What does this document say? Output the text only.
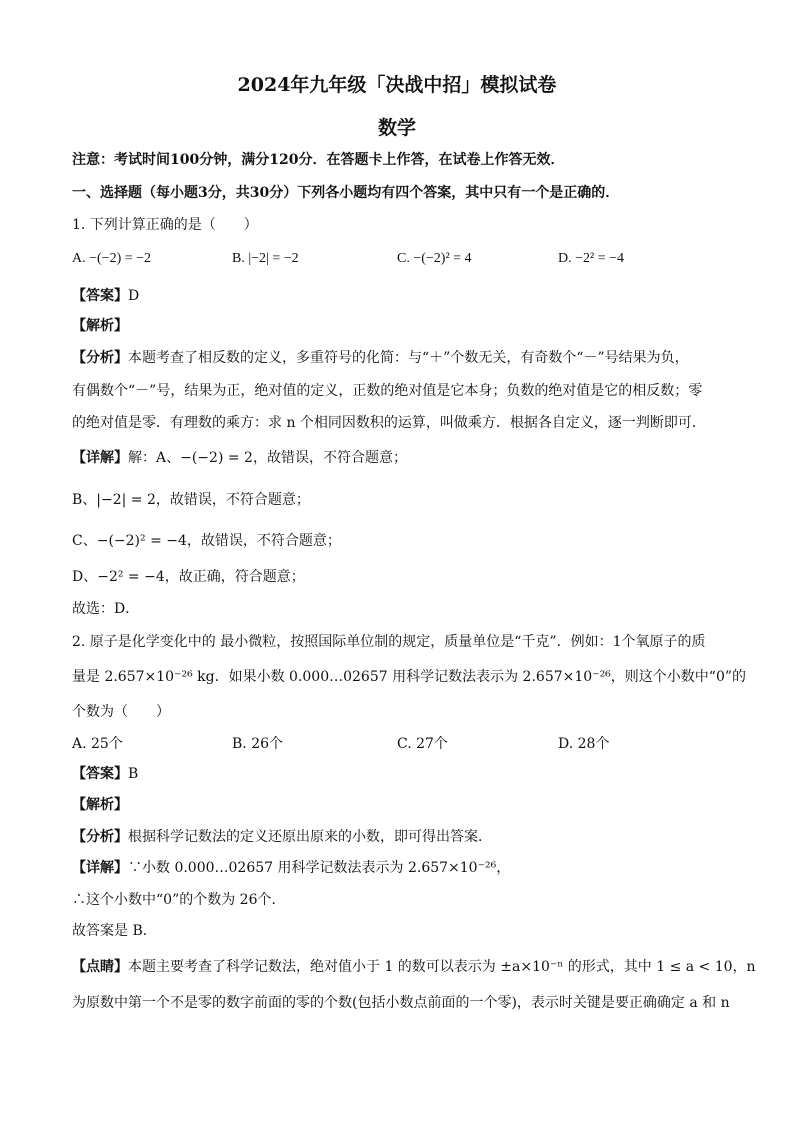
2024年九年级「决战中招」模拟试卷
数学
注意：考试时间100分钟，满分120分．在答题卡上作答，在试卷上作答无效．
一、选择题（每小题3分，共30分）下列各小题均有四个答案，其中只有一个是正确的．
1. 下列计算正确的是（　　）
A. −(−2) = −2	B. |−2| = −2	C. −(−2)² = 4	D. −2² = −4
【答案】D
【解析】
【分析】本题考查了相反数的定义，多重符号的化简：与“＋”个数无关，有奇数个“－”号结果为负，
有偶数个“－”号，结果为正，绝对值的定义，正数的绝对值是它本身；负数的绝对值是它的相反数；零
的绝对值是零．有理数的乘方：求 n 个相同因数积的运算，叫做乘方．根据各自定义，逐一判断即可．
【详解】解：A、−(−2) = 2，故错误，不符合题意；
B、|−2| = 2，故错误，不符合题意；
C、−(−2)² = −4，故错误，不符合题意；
D、−2² = −4，故正确，符合题意；
故选：D．
2. 原子是化学变化中的 最小微粒，按照国际单位制的规定，质量单位是“千克”．例如：1个氧原子的质
量是 2.657×10⁻²⁶ kg．如果小数 0.000…02657 用科学记数法表示为 2.657×10⁻²⁶，则这个小数中“0”的
个数为（　　）
A. 25个	B. 26个	C. 27个	D. 28个
【答案】B
【解析】
【分析】根据科学记数法的定义还原出原来的小数，即可得出答案．
【详解】∵小数 0.000…02657 用科学记数法表示为 2.657×10⁻²⁶，
∴这个小数中“0”的个数为 26个．
故答案是 B．
【点睛】本题主要考查了科学记数法，绝对值小于 1 的数可以表示为 ±a×10⁻ⁿ 的形式，其中 1 ≤ a < 10，n
为原数中第一个不是零的数字前面的零的个数(包括小数点前面的一个零)，表示时关键是要正确确定 a 和 n
